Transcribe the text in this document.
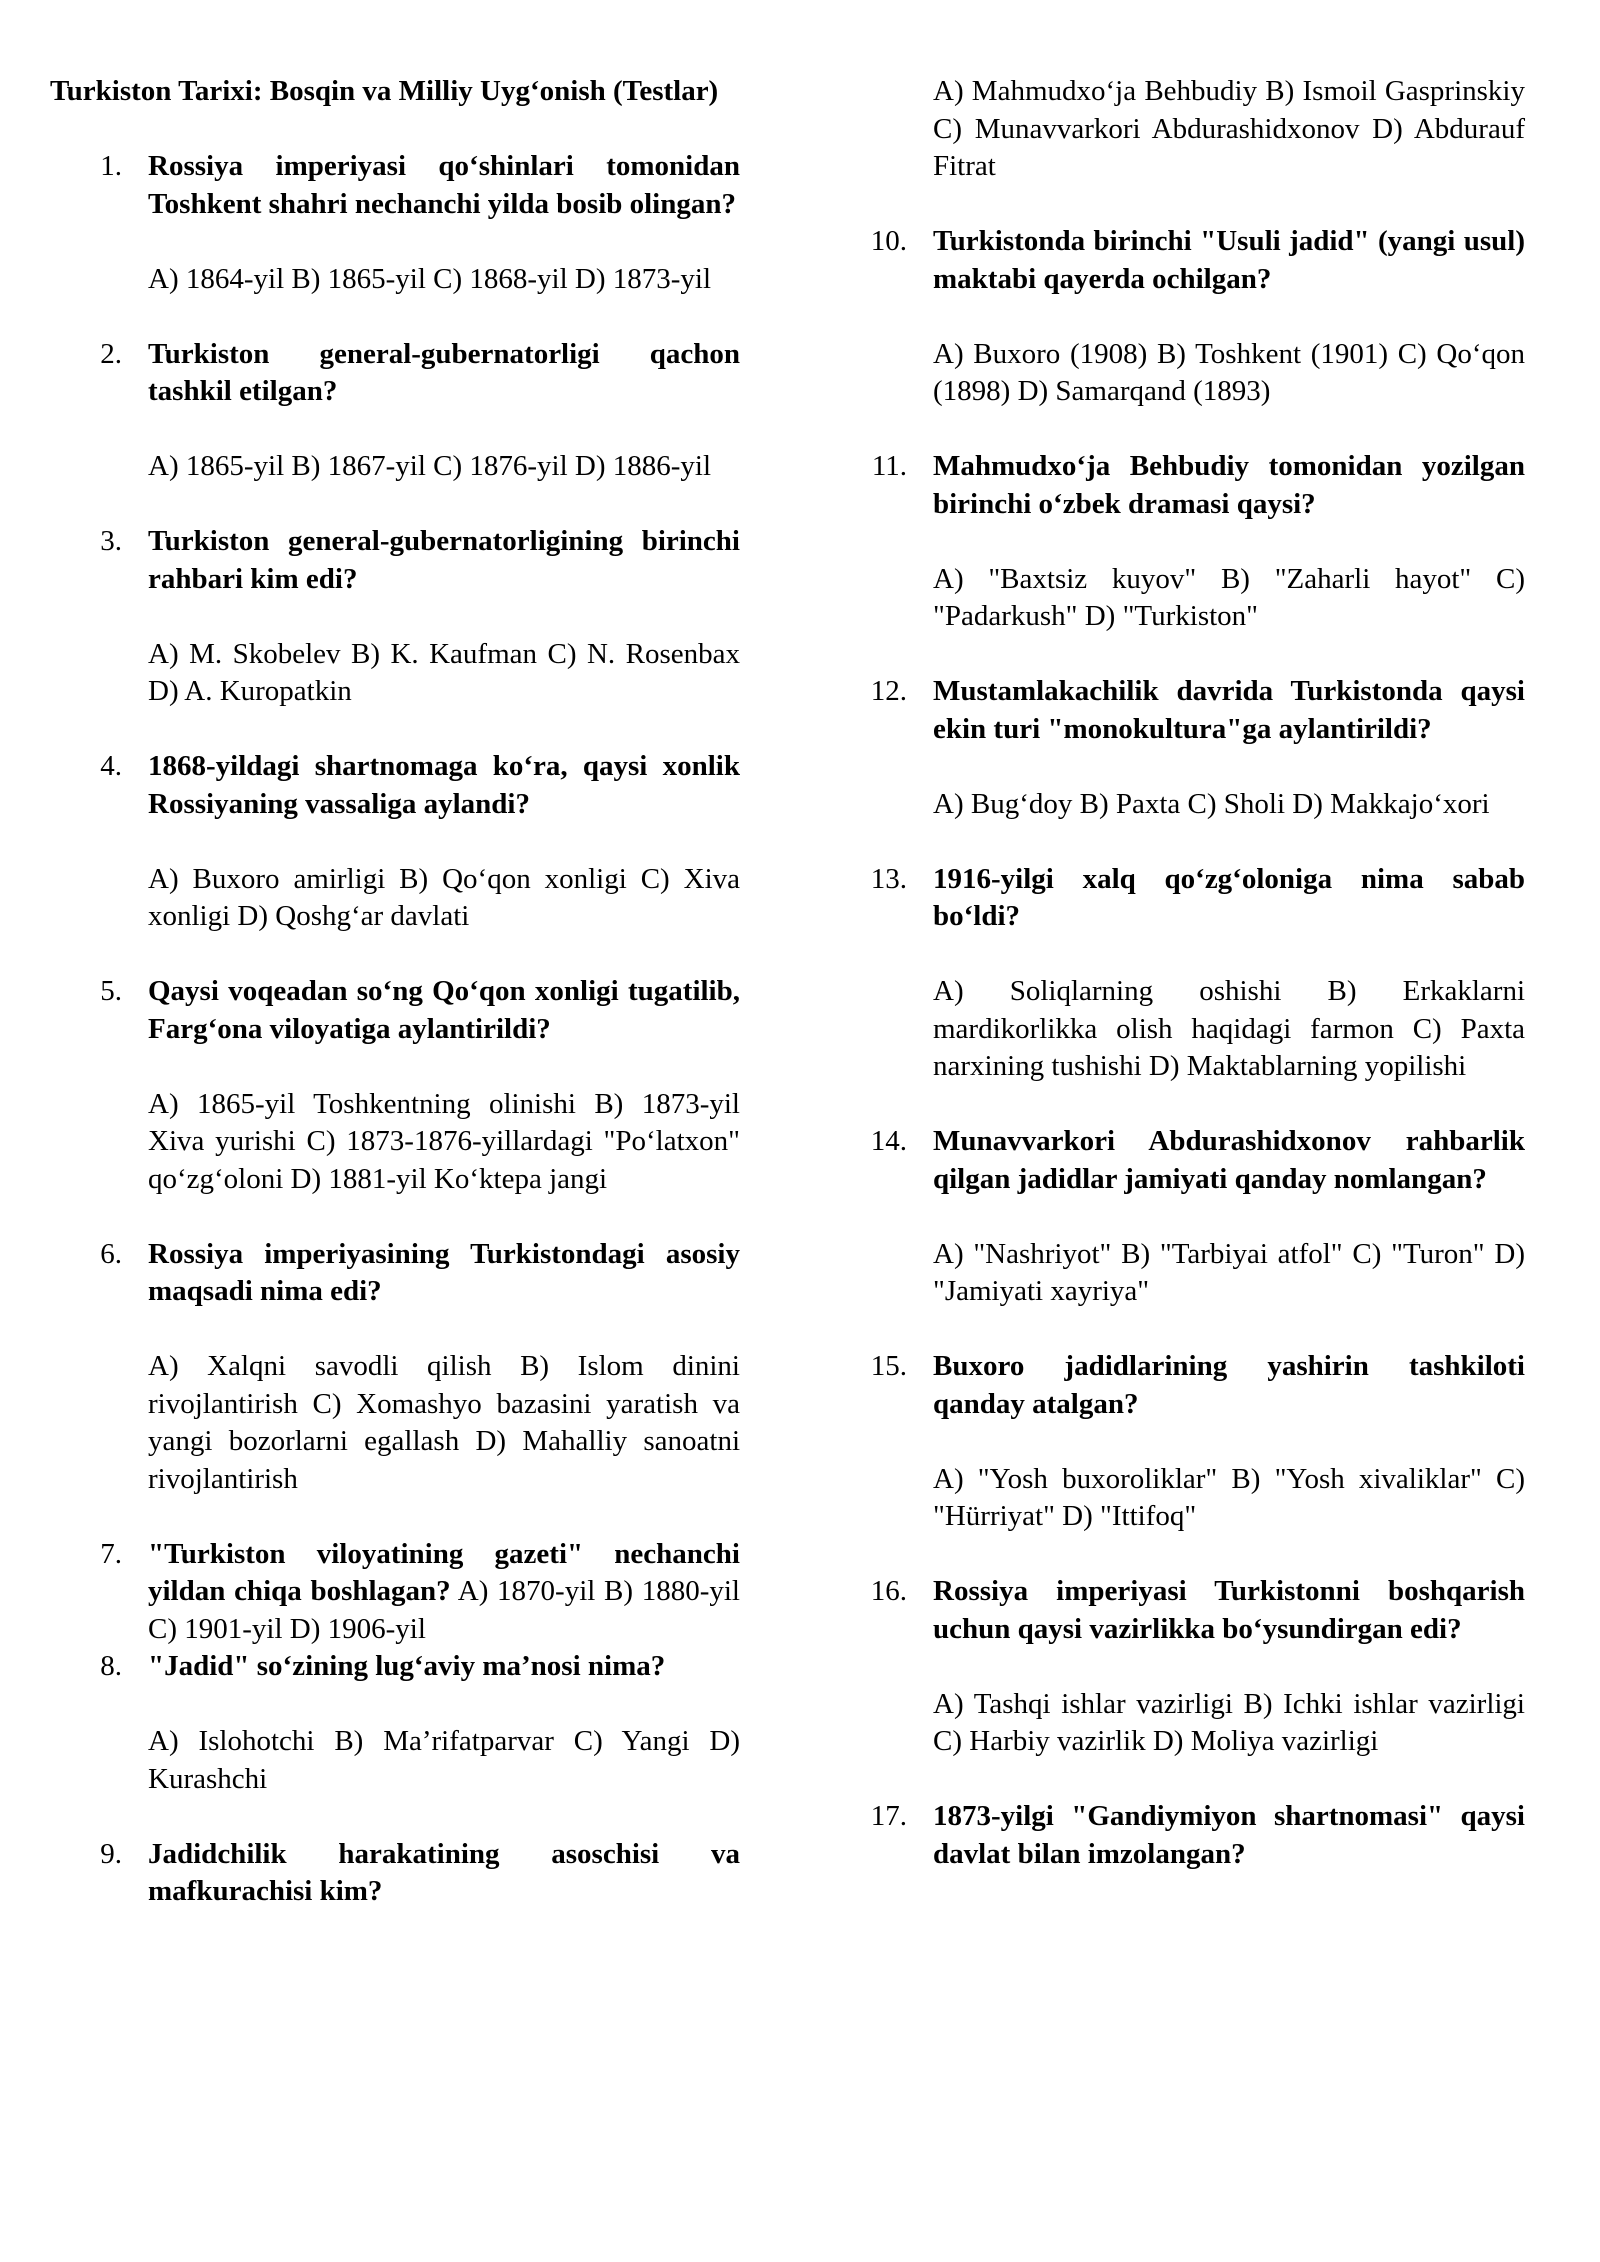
Turkiston Tarixi: Bosqin va Milliy Uyg‘onish (Testlar)

1. Rossiya imperiyasi qo‘shinlari tomonidan Toshkent shahri nechanchi yilda bosib olingan?

A) 1864-yil B) 1865-yil C) 1868-yil D) 1873-yil

2. Turkiston general-gubernatorligi qachon tashkil etilgan?

A) 1865-yil B) 1867-yil C) 1876-yil D) 1886-yil

3. Turkiston general-gubernatorligining birinchi rahbari kim edi?

A) M. Skobelev B) K. Kaufman C) N. Rosenbax D) A. Kuropatkin

4. 1868-yildagi shartnomaga ko‘ra, qaysi xonlik Rossiyaning vassaliga aylandi?

A) Buxoro amirligi B) Qo‘qon xonligi C) Xiva xonligi D) Qoshg‘ar davlati

5. Qaysi voqeadan so‘ng Qo‘qon xonligi tugatilib, Farg‘ona viloyatiga aylantirildi?

A) 1865-yil Toshkentning olinishi B) 1873-yil Xiva yurishi C) 1873-1876-yillardagi "Po‘latxon" qo‘zg‘oloni D) 1881-yil Ko‘ktepa jangi

6. Rossiya imperiyasining Turkistondagi asosiy maqsadi nima edi?

A) Xalqni savodli qilish B) Islom dinini rivojlantirish C) Xomashyo bazasini yaratish va yangi bozorlarni egallash D) Mahalliy sanoatni rivojlantirish

7. "Turkiston viloyatining gazeti" nechanchi yildan chiqa boshlagan? A) 1870-yil B) 1880-yil C) 1901-yil D) 1906-yil

8. "Jadid" so‘zining lug‘aviy ma’nosi nima?

A) Islohotchi B) Ma’rifatparvar C) Yangi D) Kurashchi

9. Jadidchilik harakatining asoschisi va mafkurachisi kim?

A) Mahmudxo‘ja Behbudiy B) Ismoil Gasprinskiy C) Munavvarkori Abdurashidxonov D) Abdurauf Fitrat

10. Turkistonda birinchi "Usuli jadid" (yangi usul) maktabi qayerda ochilgan?

A) Buxoro (1908) B) Toshkent (1901) C) Qo‘qon (1898) D) Samarqand (1893)

11. Mahmudxo‘ja Behbudiy tomonidan yozilgan birinchi o‘zbek dramasi qaysi?

A) "Baxtsiz kuyov" B) "Zaharli hayot" C) "Padarkush" D) "Turkiston"

12. Mustamlakachilik davrida Turkistonda qaysi ekin turi "monokultura"ga aylantirildi?

A) Bug‘doy B) Paxta C) Sholi D) Makkajo‘xori

13. 1916-yilgi xalq qo‘zg‘oloniga nima sabab bo‘ldi?

A) Soliqlarning oshishi B) Erkaklarni mardikorlikka olish haqidagi farmon C) Paxta narxining tushishi D) Maktablarning yopilishi

14. Munavvarkori Abdurashidxonov rahbarlik qilgan jadidlar jamiyati qanday nomlangan?

A) "Nashriyot" B) "Tarbiyai atfol" C) "Turon" D) "Jamiyati xayriya"

15. Buxoro jadidlarining yashirin tashkiloti qanday atalgan?

A) "Yosh buxoroliklar" B) "Yosh xivaliklar" C) "Hürriyat" D) "Ittifoq"

16. Rossiya imperiyasi Turkistonni boshqarish uchun qaysi vazirlikka bo‘ysundirgan edi?

A) Tashqi ishlar vazirligi B) Ichki ishlar vazirligi C) Harbiy vazirlik D) Moliya vazirligi

17. 1873-yilgi "Gandiymiyon shartnomasi" qaysi davlat bilan imzolangan?
